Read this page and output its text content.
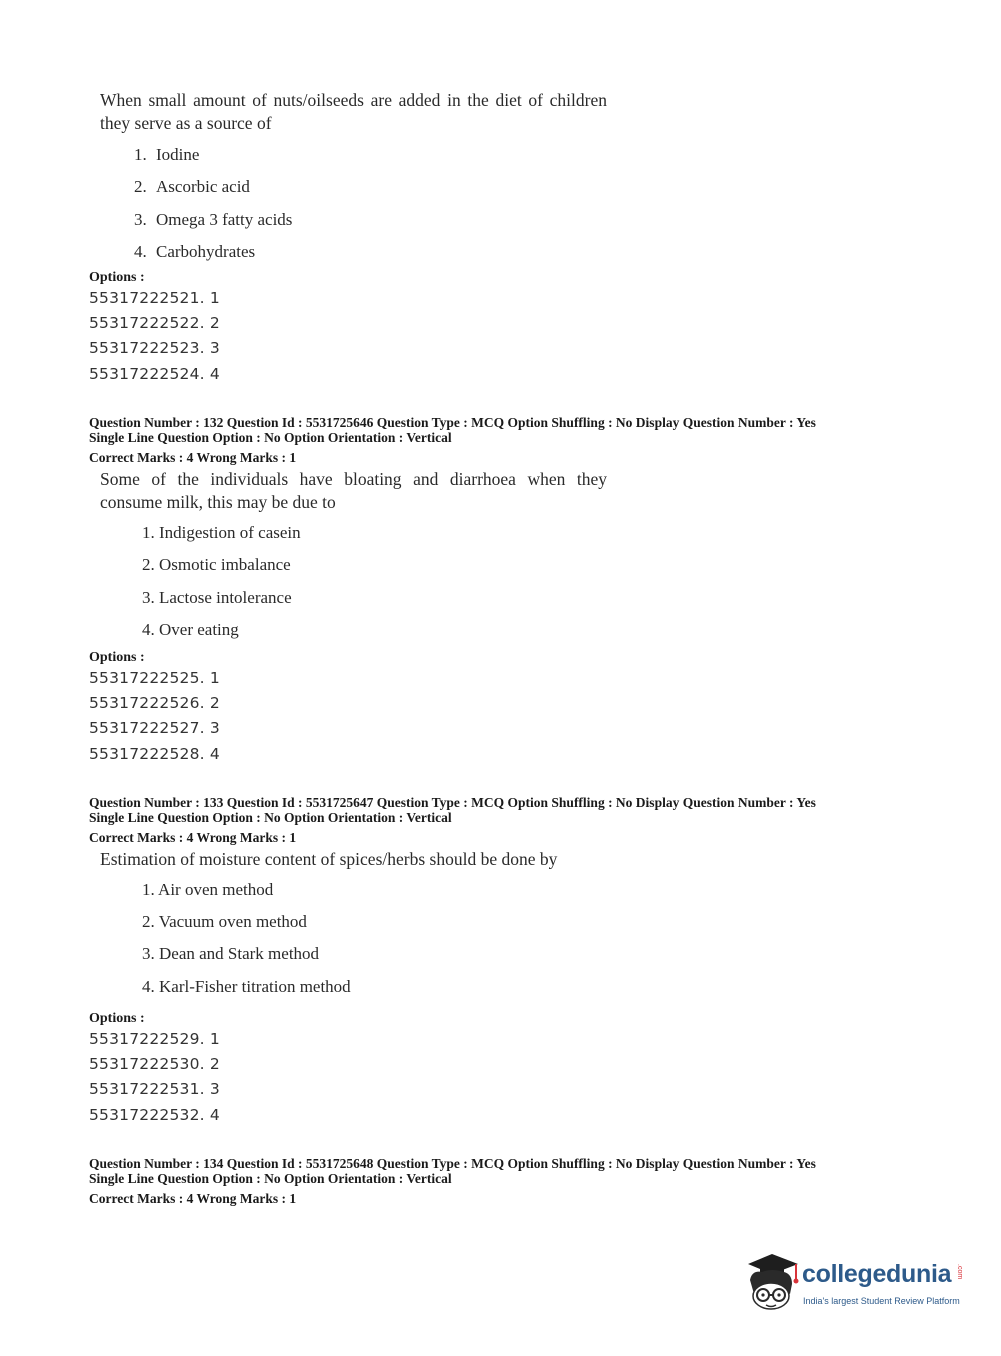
When small amount of nuts/oilseeds are added in the diet of children
they serve as a source of
1. Iodine
2. Ascorbic acid
3. Omega 3 fatty acids
4. Carbohydrates
Options :
55317222521. 1
55317222522. 2
55317222523. 3
55317222524. 4
Question Number : 132 Question Id : 5531725646 Question Type : MCQ Option Shuffling : No Display Question Number : Yes
Single Line Question Option : No Option Orientation : Vertical
Correct Marks : 4 Wrong Marks : 1
Some of the individuals have bloating and diarrhoea when they
consume milk, this may be due to
1. Indigestion of casein
2. Osmotic imbalance
3. Lactose intolerance
4. Over eating
Options :
55317222525. 1
55317222526. 2
55317222527. 3
55317222528. 4
Question Number : 133 Question Id : 5531725647 Question Type : MCQ Option Shuffling : No Display Question Number : Yes
Single Line Question Option : No Option Orientation : Vertical
Correct Marks : 4 Wrong Marks : 1
Estimation of moisture content of spices/herbs should be done by
1. Air oven method
2. Vacuum oven method
3. Dean and Stark method
4. Karl-Fisher titration method
Options :
55317222529. 1
55317222530. 2
55317222531. 3
55317222532. 4
Question Number : 134 Question Id : 5531725648 Question Type : MCQ Option Shuffling : No Display Question Number : Yes
Single Line Question Option : No Option Orientation : Vertical
Correct Marks : 4 Wrong Marks : 1
collegedunia .com
India's largest Student Review Platform
